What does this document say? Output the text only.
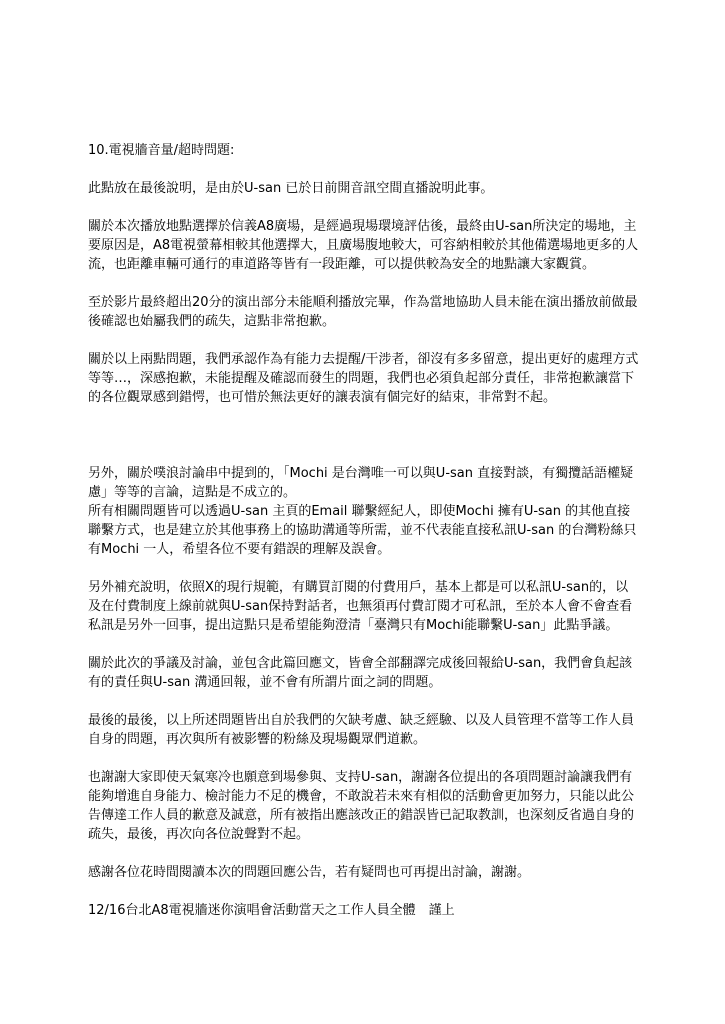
10.電視牆音量/超時問題:

此點放在最後說明，是由於U-san 已於日前開音訊空間直播說明此事。

關於本次播放地點選擇於信義A8廣場，是經過現場環境評估後，最終由U-san所決定的場地，主要原因是，A8電視螢幕相較其他選擇大，且廣場腹地較大，可容納相較於其他備選場地更多的人流，也距離車輛可通行的車道路等皆有一段距離，可以提供較為安全的地點讓大家觀賞。

至於影片最終超出20分的演出部分未能順利播放完畢，作為當地協助人員未能在演出播放前做最後確認也始屬我們的疏失，這點非常抱歉。

關於以上兩點問題，我們承認作為有能力去提醒/干涉者，卻沒有多多留意，提出更好的處理方式等等…，深感抱歉，未能提醒及確認而發生的問題，我們也必須負起部分責任，非常抱歉讓當下的各位觀眾感到錯愕，也可惜於無法更好的讓表演有個完好的結束，非常對不起。

另外，關於噗浪討論串中提到的，「Mochi 是台灣唯一可以與U-san 直接對談，有獨攬話語權疑慮」等等的言論，這點是不成立的。

所有相關問題皆可以透過U-san 主頁的Email 聯繫經紀人，即使Mochi 擁有U-san 的其他直接聯繫方式，也是建立於其他事務上的協助溝通等所需，並不代表能直接私訊U-san 的台灣粉絲只有Mochi 一人，希望各位不要有錯誤的理解及誤會。

另外補充說明，依照X的現行規範，有購買訂閱的付費用戶，基本上都是可以私訊U-san的，以及在付費制度上線前就與U-san保持對話者，也無須再付費訂閱才可私訊，至於本人會不會查看私訊是另外一回事，提出這點只是希望能夠澄清「臺灣只有Mochi能聯繫U-san」此點爭議。

關於此次的爭議及討論，並包含此篇回應文，皆會全部翻譯完成後回報給U-san，我們會負起該有的責任與U-san 溝通回報，並不會有所謂片面之詞的問題。

最後的最後，以上所述問題皆出自於我們的欠缺考慮、缺乏經驗、以及人員管理不當等工作人員自身的問題，再次與所有被影響的粉絲及現場觀眾們道歉。

也謝謝大家即使天氣寒冷也願意到場參與、支持U-san，謝謝各位提出的各項問題討論讓我們有能夠增進自身能力、檢討能力不足的機會，不敢說若未來有相似的活動會更加努力，只能以此公告傳達工作人員的歉意及誠意，所有被指出應該改正的錯誤皆已記取教訓，也深刻反省過自身的疏失，最後，再次向各位說聲對不起。

感謝各位花時間閱讀本次的問題回應公告，若有疑問也可再提出討論，謝謝。

12/16台北A8電視牆迷你演唱會活動當天之工作人員全體　謹上
